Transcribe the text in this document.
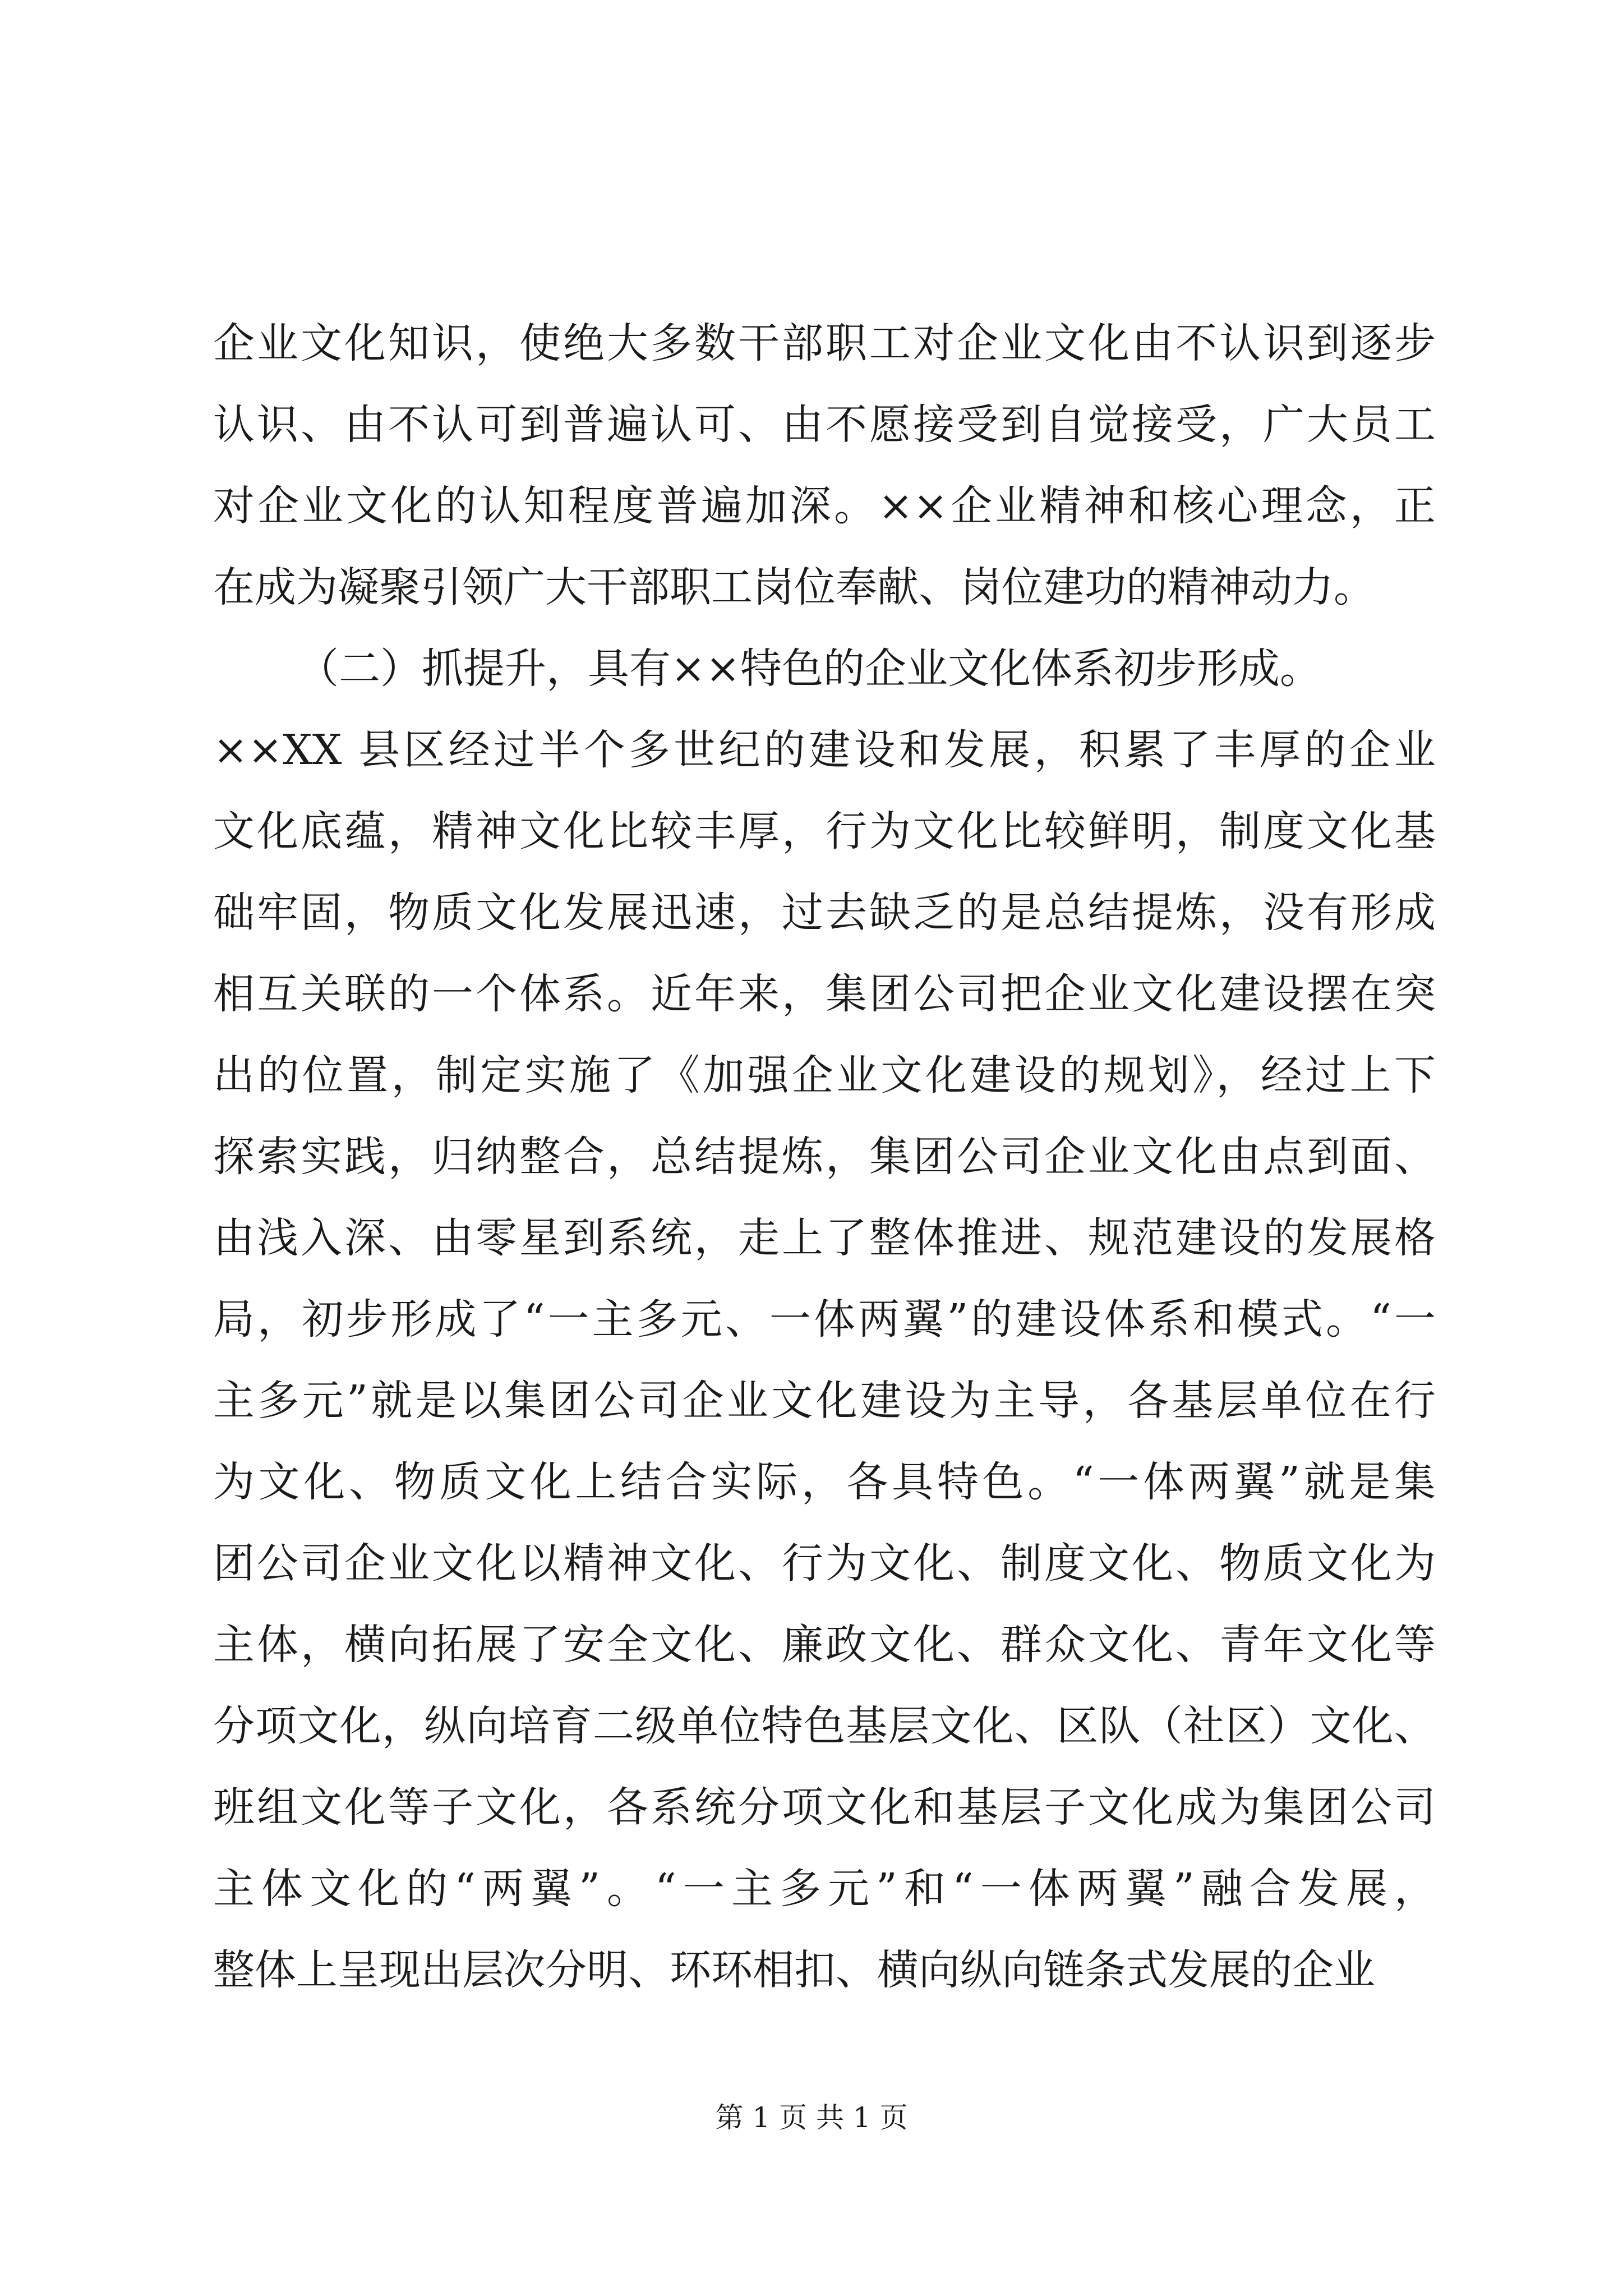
企业文化知识，使绝大多数干部职工对企业文化由不认识到逐步
认识、由不认可到普遍认可、由不愿接受到自觉接受，广大员工
对企业文化的认知程度普遍加深。××企业精神和核心理念，正
在成为凝聚引领广大干部职工岗位奉献、岗位建功的精神动力。
（二）抓提升，具有××特色的企业文化体系初步形成。
××XX 县区经过半个多世纪的建设和发展，积累了丰厚的企业
文化底蕴，精神文化比较丰厚，行为文化比较鲜明，制度文化基
础牢固，物质文化发展迅速，过去缺乏的是总结提炼，没有形成
相互关联的一个体系。近年来，集团公司把企业文化建设摆在突
出的位置，制定实施了《加强企业文化建设的规划》，经过上下
探索实践，归纳整合，总结提炼，集团公司企业文化由点到面、
由浅入深、由零星到系统，走上了整体推进、规范建设的发展格
局，初步形成了“一主多元、一体两翼”的建设体系和模式。“一
主多元”就是以集团公司企业文化建设为主导，各基层单位在行
为文化、物质文化上结合实际，各具特色。“一体两翼”就是集
团公司企业文化以精神文化、行为文化、制度文化、物质文化为
主体，横向拓展了安全文化、廉政文化、群众文化、青年文化等
分项文化，纵向培育二级单位特色基层文化、区队（社区）文化、
班组文化等子文化，各系统分项文化和基层子文化成为集团公司
主体文化的“两翼”。“一主多元”和“一体两翼”融合发展，
整体上呈现出层次分明、环环相扣、横向纵向链条式发展的企业
第 1 页 共 1 页
